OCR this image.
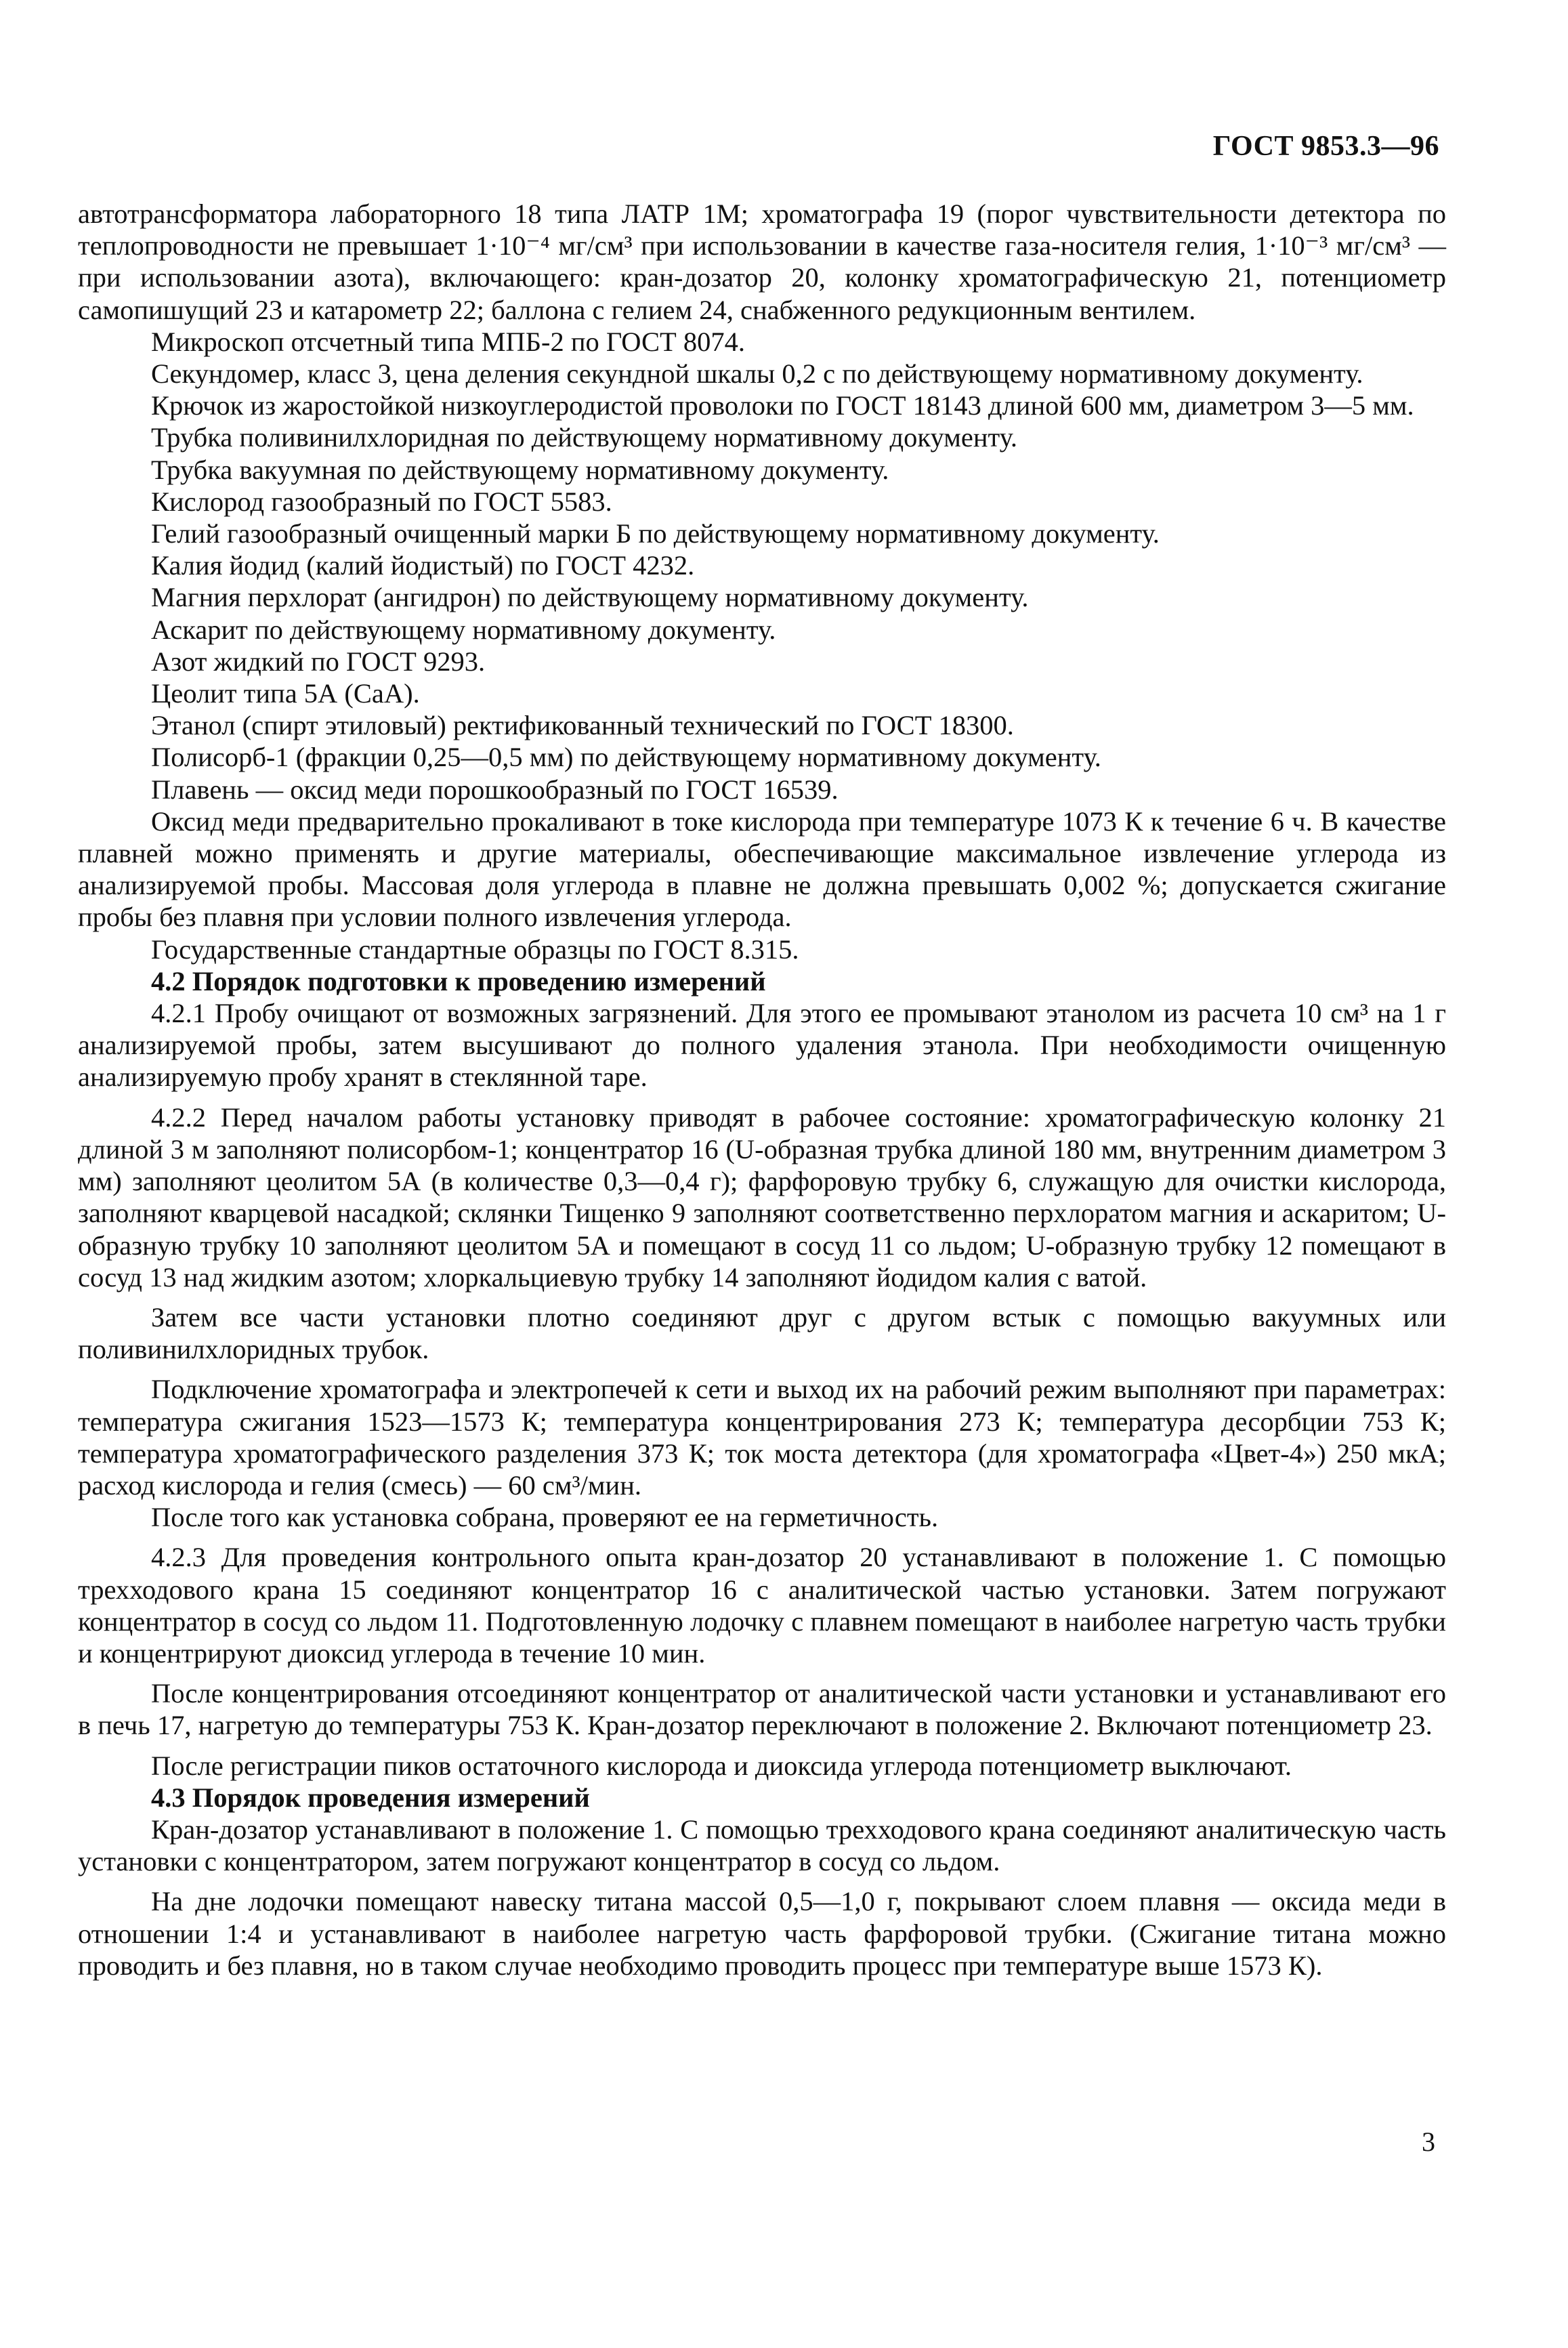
ГОСТ 9853.3—96

автотрансформатора лабораторного 18 типа ЛАТР 1М; хроматографа 19 (порог чувствительности детектора по теплопроводности не превышает 1·10⁻⁴ мг/см³ при использовании в качестве газа-носителя гелия, 1·10⁻³ мг/см³ — при использовании азота), включающего: кран-дозатор 20, колонку хроматографическую 21, потенциометр самопишущий 23 и катарометр 22; баллона с гелием 24, снабженного редукционным вентилем.

Микроскоп отсчетный типа МПБ-2 по ГОСТ 8074.

Секундомер, класс 3, цена деления секундной шкалы 0,2 с по действующему нормативному документу.

Крючок из жаростойкой низкоуглеродистой проволоки по ГОСТ 18143 длиной 600 мм, диаметром 3—5 мм.

Трубка поливинилхлоридная по действующему нормативному документу.

Трубка вакуумная по действующему нормативному документу.

Кислород газообразный по ГОСТ 5583.

Гелий газообразный очищенный марки Б по действующему нормативному документу.

Калия йодид (калий йодистый) по ГОСТ 4232.

Магния перхлорат (ангидрон) по действующему нормативному документу.

Аскарит по действующему нормативному документу.

Азот жидкий по ГОСТ 9293.

Цеолит типа 5А (СаА).

Этанол (спирт этиловый) ректификованный технический по ГОСТ 18300.

Полисорб-1 (фракции 0,25—0,5 мм) по действующему нормативному документу.

Плавень — оксид меди порошкообразный по ГОСТ 16539.

Оксид меди предварительно прокаливают в токе кислорода при температуре 1073 К к течение 6 ч. В качестве плавней можно применять и другие материалы, обеспечивающие максимальное извлечение углерода из анализируемой пробы. Массовая доля углерода в плавне не должна превышать 0,002 %; допускается сжигание пробы без плавня при условии полного извлечения углерода.

Государственные стандартные образцы по ГОСТ 8.315.

4.2 Порядок подготовки к проведению измерений

4.2.1 Пробу очищают от возможных загрязнений. Для этого ее промывают этанолом из расчета 10 см³ на 1 г анализируемой пробы, затем высушивают до полного удаления этанола. При необходимости очищенную анализируемую пробу хранят в стеклянной таре.

4.2.2 Перед началом работы установку приводят в рабочее состояние: хроматографическую колонку 21 длиной 3 м заполняют полисорбом-1; концентратор 16 (U-образная трубка длиной 180 мм, внутренним диаметром 3 мм) заполняют цеолитом 5А (в количестве 0,3—0,4 г); фарфоровую трубку 6, служащую для очистки кислорода, заполняют кварцевой насадкой; склянки Тищенко 9 заполняют соответственно перхлоратом магния и аскаритом; U-образную трубку 10 заполняют цеолитом 5А и помещают в сосуд 11 со льдом; U-образную трубку 12 помещают в сосуд 13 над жидким азотом; хлоркальциевую трубку 14 заполняют йодидом калия с ватой.

Затем все части установки плотно соединяют друг с другом встык с помощью вакуумных или поливинилхлоридных трубок.

Подключение хроматографа и электропечей к сети и выход их на рабочий режим выполняют при параметрах: температура сжигания 1523—1573 К; температура концентрирования 273 К; температура десорбции 753 К; температура хроматографического разделения 373 К; ток моста детектора (для хроматографа «Цвет-4») 250 мкА; расход кислорода и гелия (смесь) — 60 см³/мин.

После того как установка собрана, проверяют ее на герметичность.

4.2.3 Для проведения контрольного опыта кран-дозатор 20 устанавливают в положение 1. С помощью трехходового крана 15 соединяют концентратор 16 с аналитической частью установки. Затем погружают концентратор в сосуд со льдом 11. Подготовленную лодочку с плавнем помещают в наиболее нагретую часть трубки и концентрируют диоксид углерода в течение 10 мин.

После концентрирования отсоединяют концентратор от аналитической части установки и устанавливают его в печь 17, нагретую до температуры 753 К. Кран-дозатор переключают в положение 2. Включают потенциометр 23.

После регистрации пиков остаточного кислорода и диоксида углерода потенциометр выключают.

4.3 Порядок проведения измерений

Кран-дозатор устанавливают в положение 1. С помощью трехходового крана соединяют аналитическую часть установки с концентратором, затем погружают концентратор в сосуд со льдом.

На дне лодочки помещают навеску титана массой 0,5—1,0 г, покрывают слоем плавня — оксида меди в отношении 1:4 и устанавливают в наиболее нагретую часть фарфоровой трубки. (Сжигание титана можно проводить и без плавня, но в таком случае необходимо проводить процесс при температуре выше 1573 К).

3
